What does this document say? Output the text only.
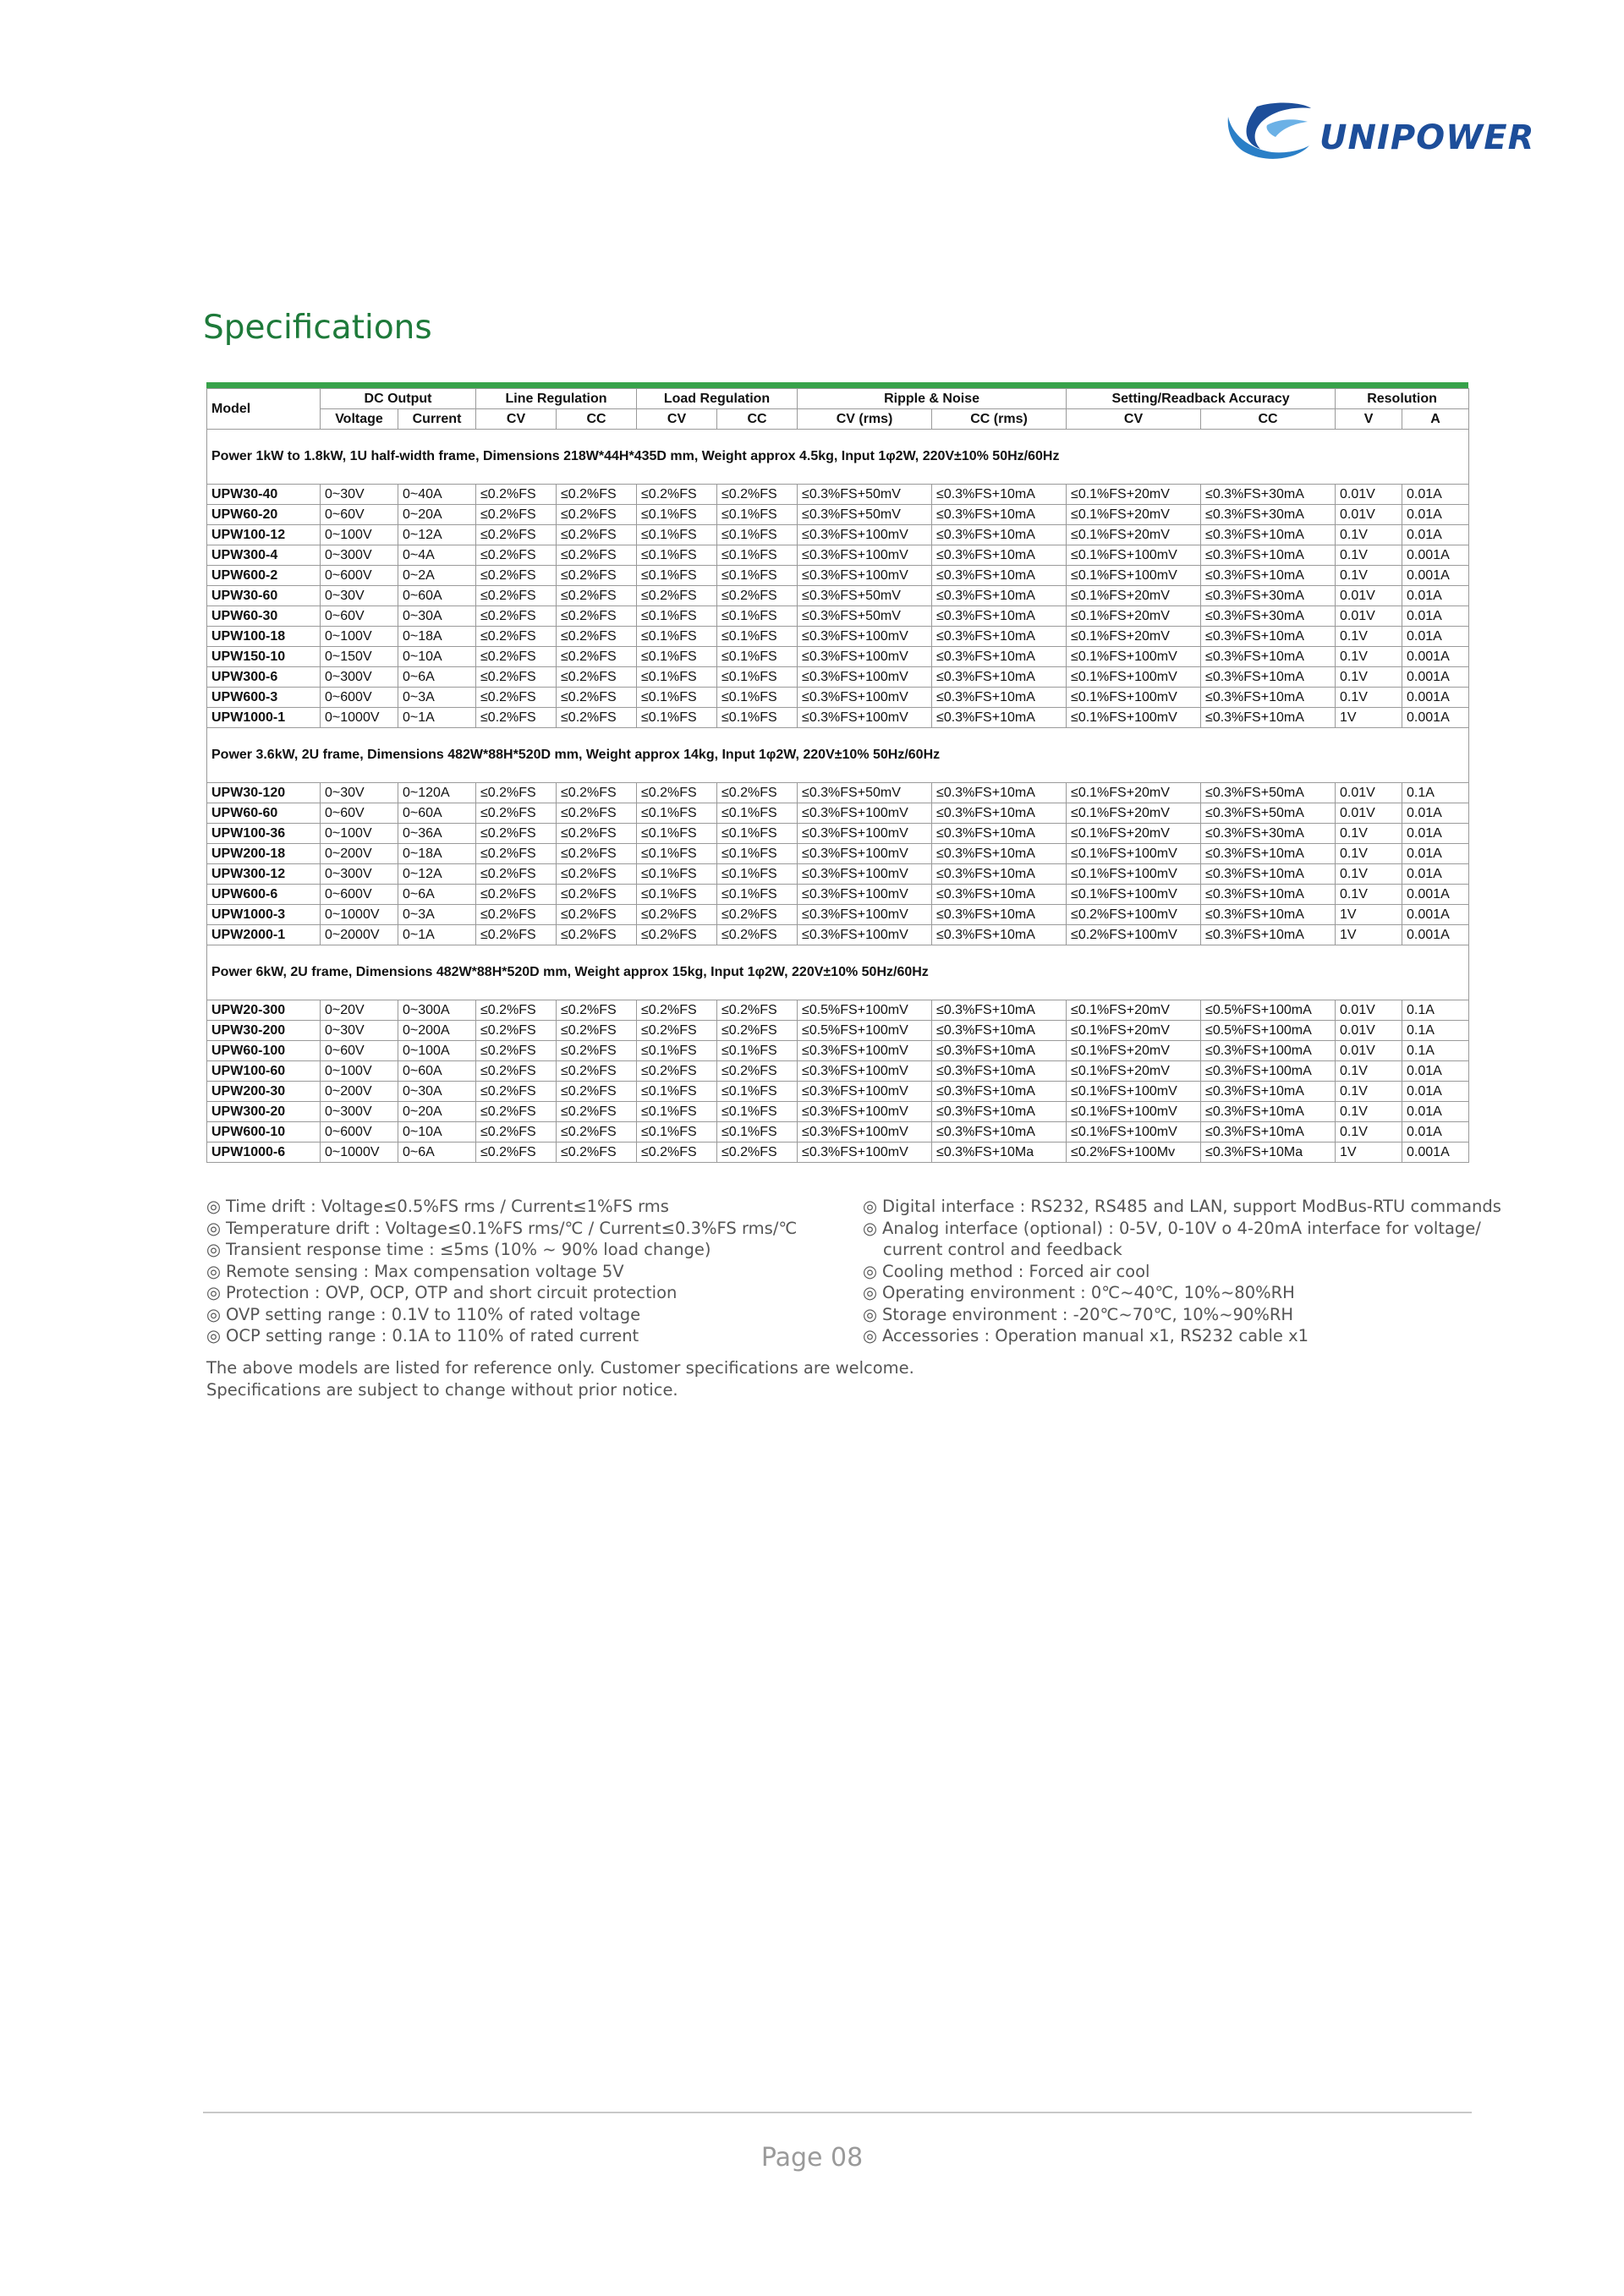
UNIPOWER
Specifications
Model	DC Output		Line Regulation		Load Regulation		Ripple & Noise		Setting/Readback Accuracy		Resolution	
	Voltage	Current	CV	CC	CV	CC	CV (rms)	CC (rms)	CV	CC	V	A
Power 1kW to 1.8kW, 1U half-width frame, Dimensions 218W*44H*435D mm, Weight approx 4.5kg, Input 1φ2W, 220V±10% 50Hz/60Hz												
UPW30-40	0~30V	0~40A	≤0.2%FS	≤0.2%FS	≤0.2%FS	≤0.2%FS	≤0.3%FS+50mV	≤0.3%FS+10mA	≤0.1%FS+20mV	≤0.3%FS+30mA	0.01V	0.01A
UPW60-20	0~60V	0~20A	≤0.2%FS	≤0.2%FS	≤0.1%FS	≤0.1%FS	≤0.3%FS+50mV	≤0.3%FS+10mA	≤0.1%FS+20mV	≤0.3%FS+30mA	0.01V	0.01A
UPW100-12	0~100V	0~12A	≤0.2%FS	≤0.2%FS	≤0.1%FS	≤0.1%FS	≤0.3%FS+100mV	≤0.3%FS+10mA	≤0.1%FS+20mV	≤0.3%FS+10mA	0.1V	0.01A
UPW300-4	0~300V	0~4A	≤0.2%FS	≤0.2%FS	≤0.1%FS	≤0.1%FS	≤0.3%FS+100mV	≤0.3%FS+10mA	≤0.1%FS+100mV	≤0.3%FS+10mA	0.1V	0.001A
UPW600-2	0~600V	0~2A	≤0.2%FS	≤0.2%FS	≤0.1%FS	≤0.1%FS	≤0.3%FS+100mV	≤0.3%FS+10mA	≤0.1%FS+100mV	≤0.3%FS+10mA	0.1V	0.001A
UPW30-60	0~30V	0~60A	≤0.2%FS	≤0.2%FS	≤0.2%FS	≤0.2%FS	≤0.3%FS+50mV	≤0.3%FS+10mA	≤0.1%FS+20mV	≤0.3%FS+30mA	0.01V	0.01A
UPW60-30	0~60V	0~30A	≤0.2%FS	≤0.2%FS	≤0.1%FS	≤0.1%FS	≤0.3%FS+50mV	≤0.3%FS+10mA	≤0.1%FS+20mV	≤0.3%FS+30mA	0.01V	0.01A
UPW100-18	0~100V	0~18A	≤0.2%FS	≤0.2%FS	≤0.1%FS	≤0.1%FS	≤0.3%FS+100mV	≤0.3%FS+10mA	≤0.1%FS+20mV	≤0.3%FS+10mA	0.1V	0.01A
UPW150-10	0~150V	0~10A	≤0.2%FS	≤0.2%FS	≤0.1%FS	≤0.1%FS	≤0.3%FS+100mV	≤0.3%FS+10mA	≤0.1%FS+100mV	≤0.3%FS+10mA	0.1V	0.001A
UPW300-6	0~300V	0~6A	≤0.2%FS	≤0.2%FS	≤0.1%FS	≤0.1%FS	≤0.3%FS+100mV	≤0.3%FS+10mA	≤0.1%FS+100mV	≤0.3%FS+10mA	0.1V	0.001A
UPW600-3	0~600V	0~3A	≤0.2%FS	≤0.2%FS	≤0.1%FS	≤0.1%FS	≤0.3%FS+100mV	≤0.3%FS+10mA	≤0.1%FS+100mV	≤0.3%FS+10mA	0.1V	0.001A
UPW1000-1	0~1000V	0~1A	≤0.2%FS	≤0.2%FS	≤0.1%FS	≤0.1%FS	≤0.3%FS+100mV	≤0.3%FS+10mA	≤0.1%FS+100mV	≤0.3%FS+10mA	1V	0.001A
Power 3.6kW, 2U frame, Dimensions 482W*88H*520D mm, Weight approx 14kg, Input 1φ2W, 220V±10% 50Hz/60Hz												
UPW30-120	0~30V	0~120A	≤0.2%FS	≤0.2%FS	≤0.2%FS	≤0.2%FS	≤0.3%FS+50mV	≤0.3%FS+10mA	≤0.1%FS+20mV	≤0.3%FS+50mA	0.01V	0.1A
UPW60-60	0~60V	0~60A	≤0.2%FS	≤0.2%FS	≤0.1%FS	≤0.1%FS	≤0.3%FS+100mV	≤0.3%FS+10mA	≤0.1%FS+20mV	≤0.3%FS+50mA	0.01V	0.01A
UPW100-36	0~100V	0~36A	≤0.2%FS	≤0.2%FS	≤0.1%FS	≤0.1%FS	≤0.3%FS+100mV	≤0.3%FS+10mA	≤0.1%FS+20mV	≤0.3%FS+30mA	0.1V	0.01A
UPW200-18	0~200V	0~18A	≤0.2%FS	≤0.2%FS	≤0.1%FS	≤0.1%FS	≤0.3%FS+100mV	≤0.3%FS+10mA	≤0.1%FS+100mV	≤0.3%FS+10mA	0.1V	0.01A
UPW300-12	0~300V	0~12A	≤0.2%FS	≤0.2%FS	≤0.1%FS	≤0.1%FS	≤0.3%FS+100mV	≤0.3%FS+10mA	≤0.1%FS+100mV	≤0.3%FS+10mA	0.1V	0.01A
UPW600-6	0~600V	0~6A	≤0.2%FS	≤0.2%FS	≤0.1%FS	≤0.1%FS	≤0.3%FS+100mV	≤0.3%FS+10mA	≤0.1%FS+100mV	≤0.3%FS+10mA	0.1V	0.001A
UPW1000-3	0~1000V	0~3A	≤0.2%FS	≤0.2%FS	≤0.2%FS	≤0.2%FS	≤0.3%FS+100mV	≤0.3%FS+10mA	≤0.2%FS+100mV	≤0.3%FS+10mA	1V	0.001A
UPW2000-1	0~2000V	0~1A	≤0.2%FS	≤0.2%FS	≤0.2%FS	≤0.2%FS	≤0.3%FS+100mV	≤0.3%FS+10mA	≤0.2%FS+100mV	≤0.3%FS+10mA	1V	0.001A
Power 6kW, 2U frame, Dimensions 482W*88H*520D mm, Weight approx 15kg, Input 1φ2W, 220V±10% 50Hz/60Hz												
UPW20-300	0~20V	0~300A	≤0.2%FS	≤0.2%FS	≤0.2%FS	≤0.2%FS	≤0.5%FS+100mV	≤0.3%FS+10mA	≤0.1%FS+20mV	≤0.5%FS+100mA	0.01V	0.1A
UPW30-200	0~30V	0~200A	≤0.2%FS	≤0.2%FS	≤0.2%FS	≤0.2%FS	≤0.5%FS+100mV	≤0.3%FS+10mA	≤0.1%FS+20mV	≤0.5%FS+100mA	0.01V	0.1A
UPW60-100	0~60V	0~100A	≤0.2%FS	≤0.2%FS	≤0.1%FS	≤0.1%FS	≤0.3%FS+100mV	≤0.3%FS+10mA	≤0.1%FS+20mV	≤0.3%FS+100mA	0.01V	0.1A
UPW100-60	0~100V	0~60A	≤0.2%FS	≤0.2%FS	≤0.2%FS	≤0.2%FS	≤0.3%FS+100mV	≤0.3%FS+10mA	≤0.1%FS+20mV	≤0.3%FS+100mA	0.1V	0.01A
UPW200-30	0~200V	0~30A	≤0.2%FS	≤0.2%FS	≤0.1%FS	≤0.1%FS	≤0.3%FS+100mV	≤0.3%FS+10mA	≤0.1%FS+100mV	≤0.3%FS+10mA	0.1V	0.01A
UPW300-20	0~300V	0~20A	≤0.2%FS	≤0.2%FS	≤0.1%FS	≤0.1%FS	≤0.3%FS+100mV	≤0.3%FS+10mA	≤0.1%FS+100mV	≤0.3%FS+10mA	0.1V	0.01A
UPW600-10	0~600V	0~10A	≤0.2%FS	≤0.2%FS	≤0.1%FS	≤0.1%FS	≤0.3%FS+100mV	≤0.3%FS+10mA	≤0.1%FS+100mV	≤0.3%FS+10mA	0.1V	0.01A
UPW1000-6	0~1000V	0~6A	≤0.2%FS	≤0.2%FS	≤0.2%FS	≤0.2%FS	≤0.3%FS+100mV	≤0.3%FS+10Ma	≤0.2%FS+100Mv	≤0.3%FS+10Ma	1V	0.001A
◎ Time drift : Voltage≤0.5%FS rms / Current≤1%FS rms
◎ Temperature drift : Voltage≤0.1%FS rms/℃ / Current≤0.3%FS rms/℃
◎ Transient response time : ≤5ms (10% ~ 90% load change)
◎ Remote sensing : Max compensation voltage 5V
◎ Protection : OVP, OCP, OTP and short circuit protection
◎ OVP setting range : 0.1V to 110% of rated voltage
◎ OCP setting range : 0.1A to 110% of rated current
◎ Digital interface : RS232, RS485 and LAN, support ModBus-RTU commands
◎ Analog interface (optional) : 0-5V, 0-10V o 4-20mA interface for voltage/
current control and feedback
◎ Cooling method : Forced air cool
◎ Operating environment : 0℃~40℃, 10%~80%RH
◎ Storage environment : -20℃~70℃, 10%~90%RH
◎ Accessories : Operation manual x1, RS232 cable x1
The above models are listed for reference only. Customer specifications are welcome.
Specifications are subject to change without prior notice.
Page 08
